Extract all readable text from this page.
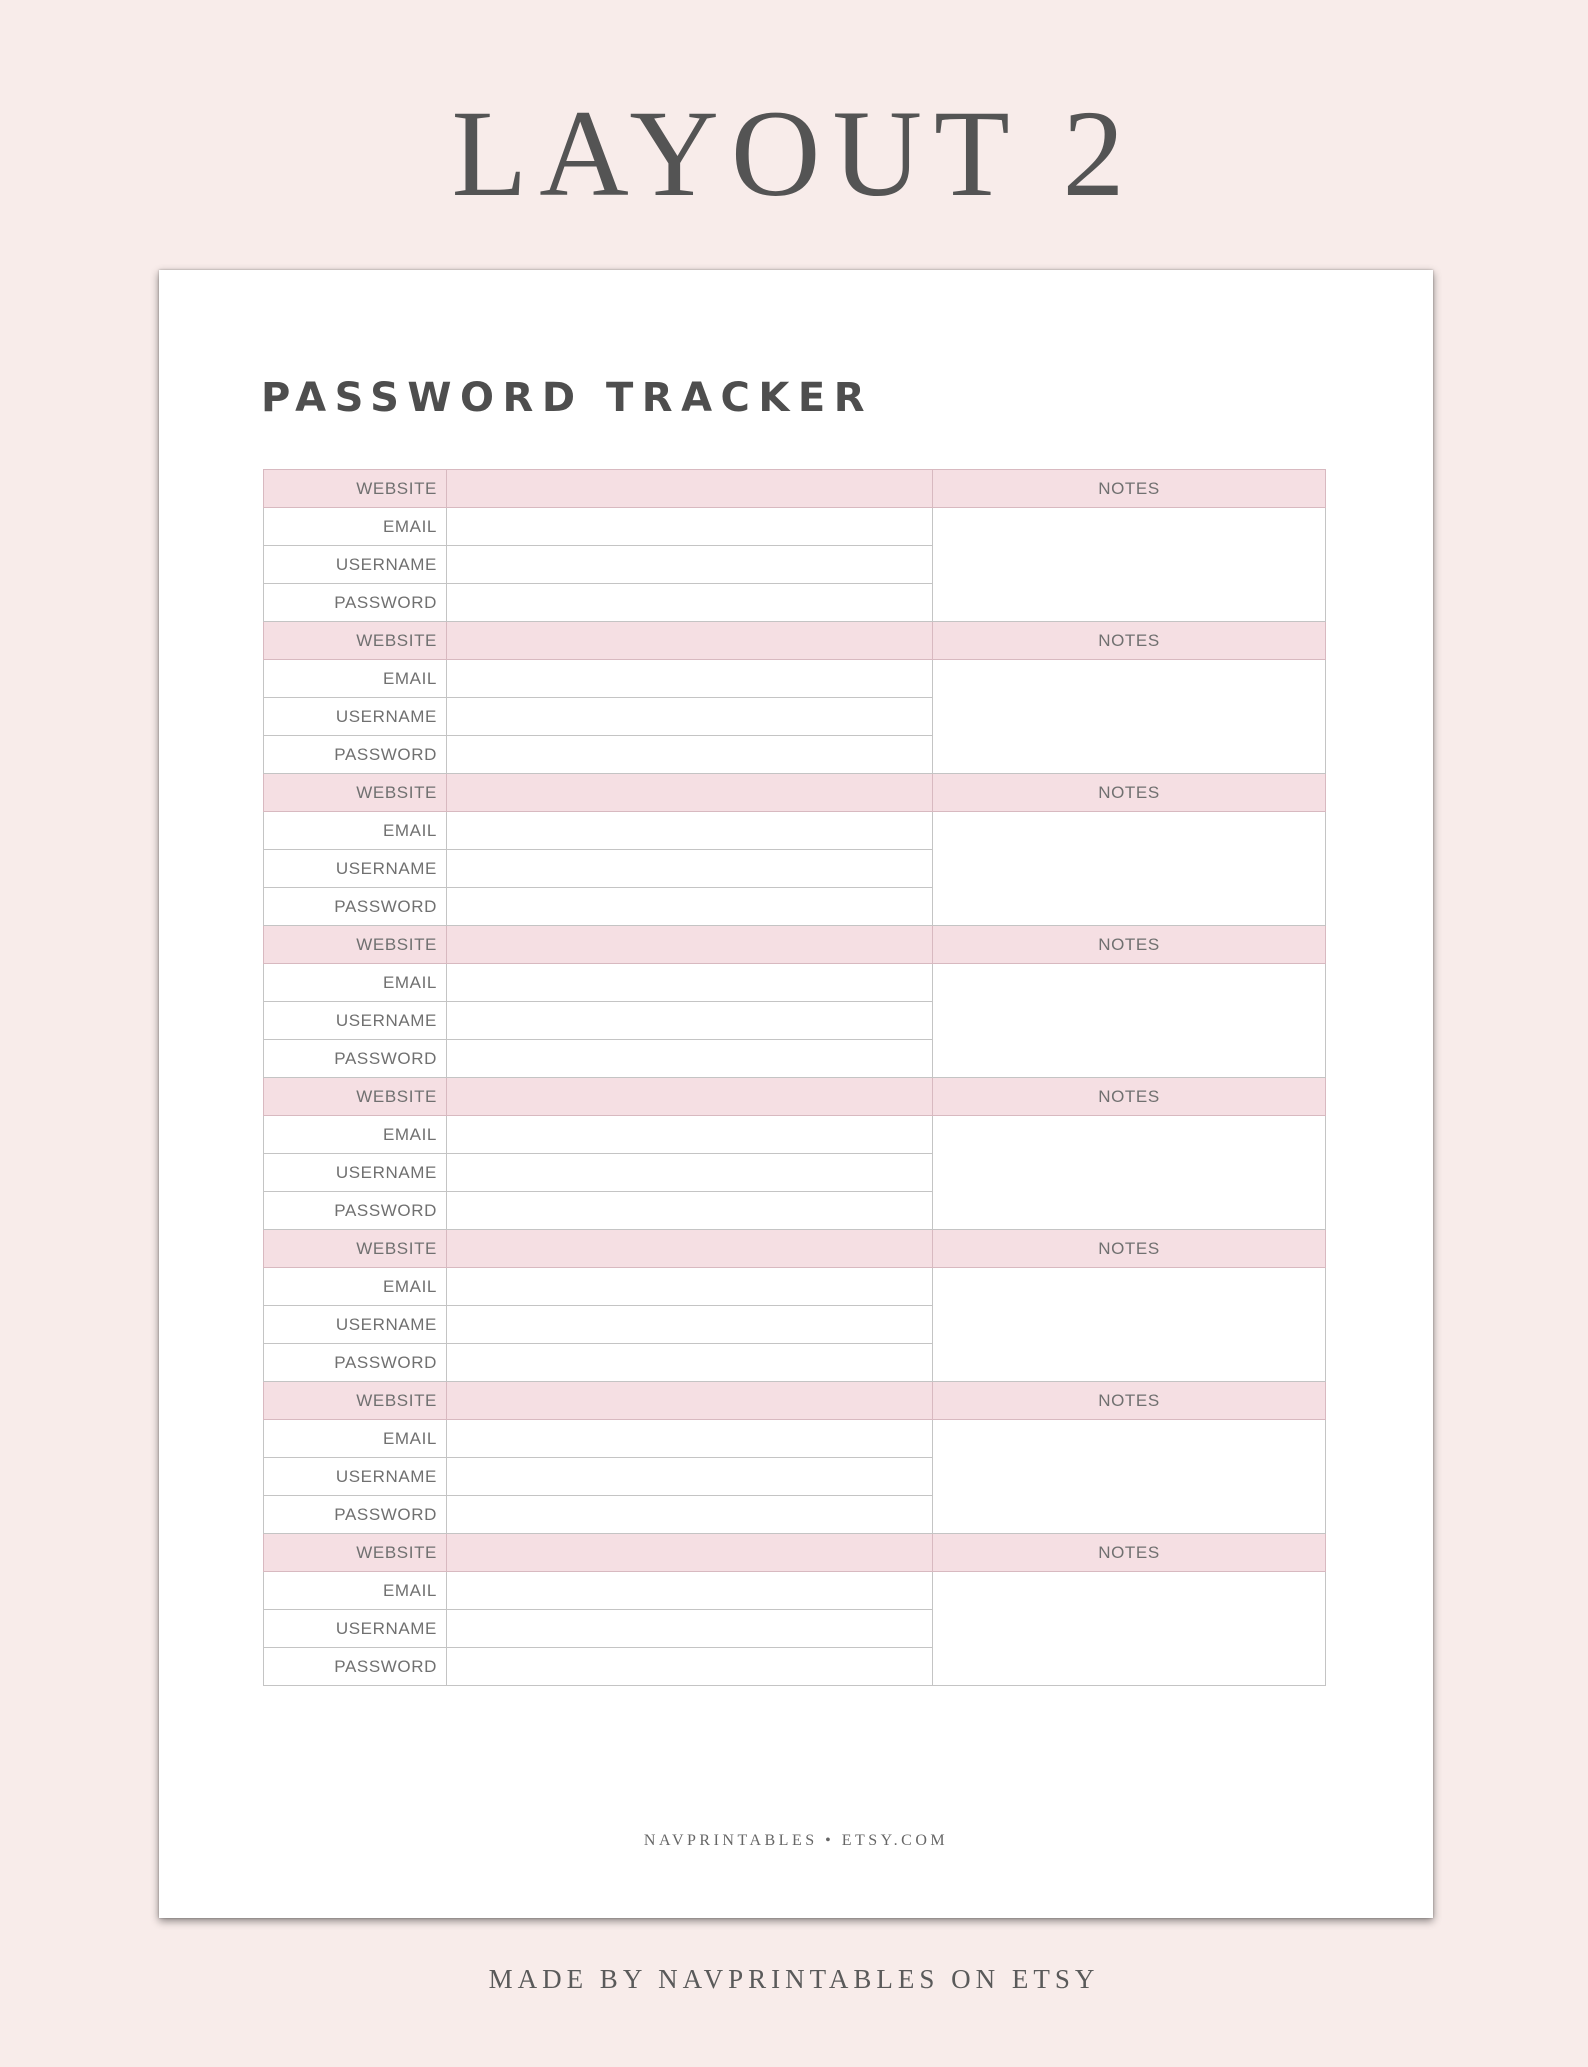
LAYOUT 2
PASSWORD TRACKER
WEBSITE		NOTES
EMAIL		
USERNAME		
PASSWORD		
WEBSITE		NOTES
EMAIL		
USERNAME		
PASSWORD		
WEBSITE		NOTES
EMAIL		
USERNAME		
PASSWORD		
WEBSITE		NOTES
EMAIL		
USERNAME		
PASSWORD		
WEBSITE		NOTES
EMAIL		
USERNAME		
PASSWORD		
WEBSITE		NOTES
EMAIL		
USERNAME		
PASSWORD		
WEBSITE		NOTES
EMAIL		
USERNAME		
PASSWORD		
WEBSITE		NOTES
EMAIL		
USERNAME		
PASSWORD		
NAVPRINTABLES • ETSY.COM
MADE BY NAVPRINTABLES ON ETSY
